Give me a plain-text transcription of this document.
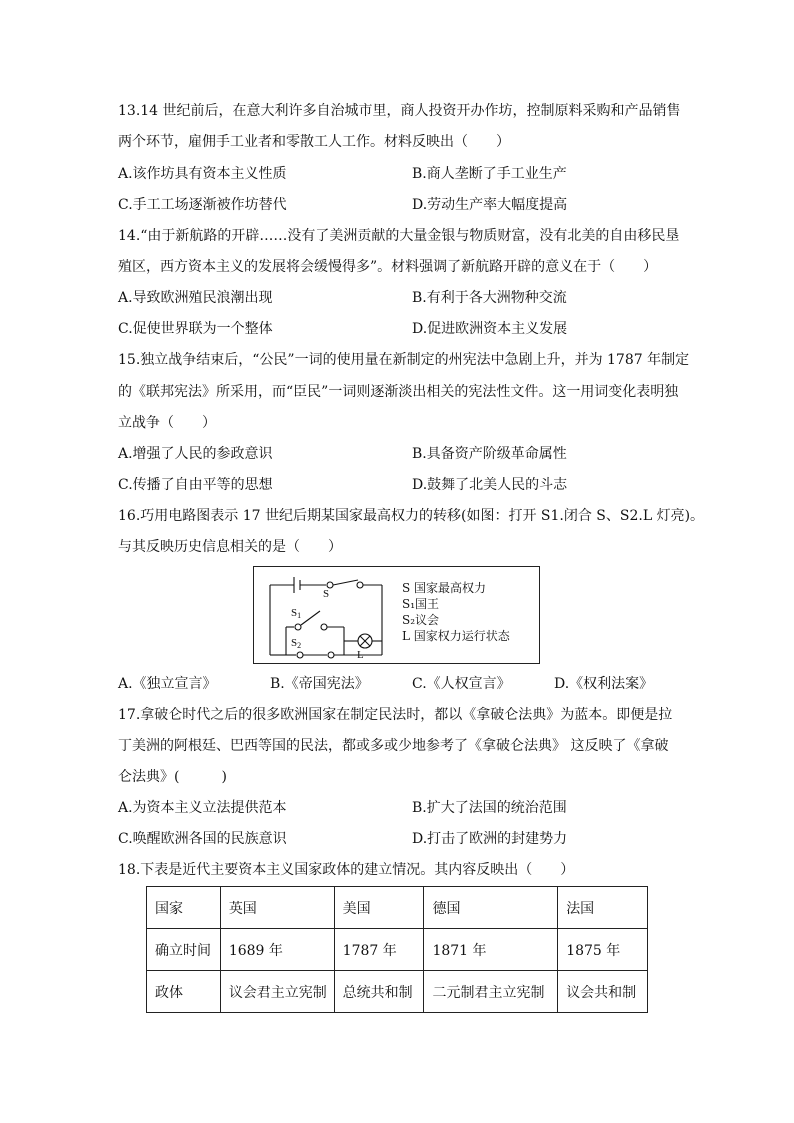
13.14 世纪前后，在意大利许多自治城市里，商人投资开办作坊，控制原料采购和产品销售
两个环节，雇佣手工业者和零散工人工作。材料反映出（　　）
A.该作坊具有资本主义性质	B.商人垄断了手工业生产
C.手工工场逐渐被作坊替代	D.劳动生产率大幅度提高
14.“由于新航路的开辟……没有了美洲贡献的大量金银与物质财富，没有北美的自由移民垦
殖区，西方资本主义的发展将会缓慢得多”。材料强调了新航路开辟的意义在于（　　）
A.导致欧洲殖民浪潮出现	B.有利于各大洲物种交流
C.促使世界联为一个整体	D.促进欧洲资本主义发展
15.独立战争结束后，“公民”一词的使用量在新制定的州宪法中急剧上升，并为 1787 年制定
的《联邦宪法》所采用，而“臣民”一词则逐渐淡出相关的宪法性文件。这一用词变化表明独
立战争（　　）
A.增强了人民的参政意识	B.具备资产阶级革命属性
C.传播了自由平等的思想	D.鼓舞了北美人民的斗志
16.巧用电路图表示 17 世纪后期某国家最高权力的转移(如图：打开 S1.闭合 S、S2.L 灯亮)。
与其反映历史信息相关的是（　　）
S
$S_1$
$S_2$
L
S 国家最高权力
S₁国王
S₂议会
L 国家权力运行状态
A.《独立宣言》	B.《帝国宪法》	C.《人权宣言》	D.《权利法案》
17.拿破仑时代之后的很多欧洲国家在制定民法时，都以《拿破仑法典》为蓝本。即便是拉
丁美洲的阿根廷、巴西等国的民法，都或多或少地参考了《拿破仑法典》 这反映了《拿破
仑法典》(　　　)
A.为资本主义立法提供范本	B.扩大了法国的统治范围
C.唤醒欧洲各国的民族意识	D.打击了欧洲的封建势力
18.下表是近代主要资本主义国家政体的建立情况。其内容反映出（　　）
国家	英国	美国	德国	法国
确立时间	1689 年	1787 年	1871 年	1875 年
政体	议会君主立宪制	总统共和制	二元制君主立宪制	议会共和制
